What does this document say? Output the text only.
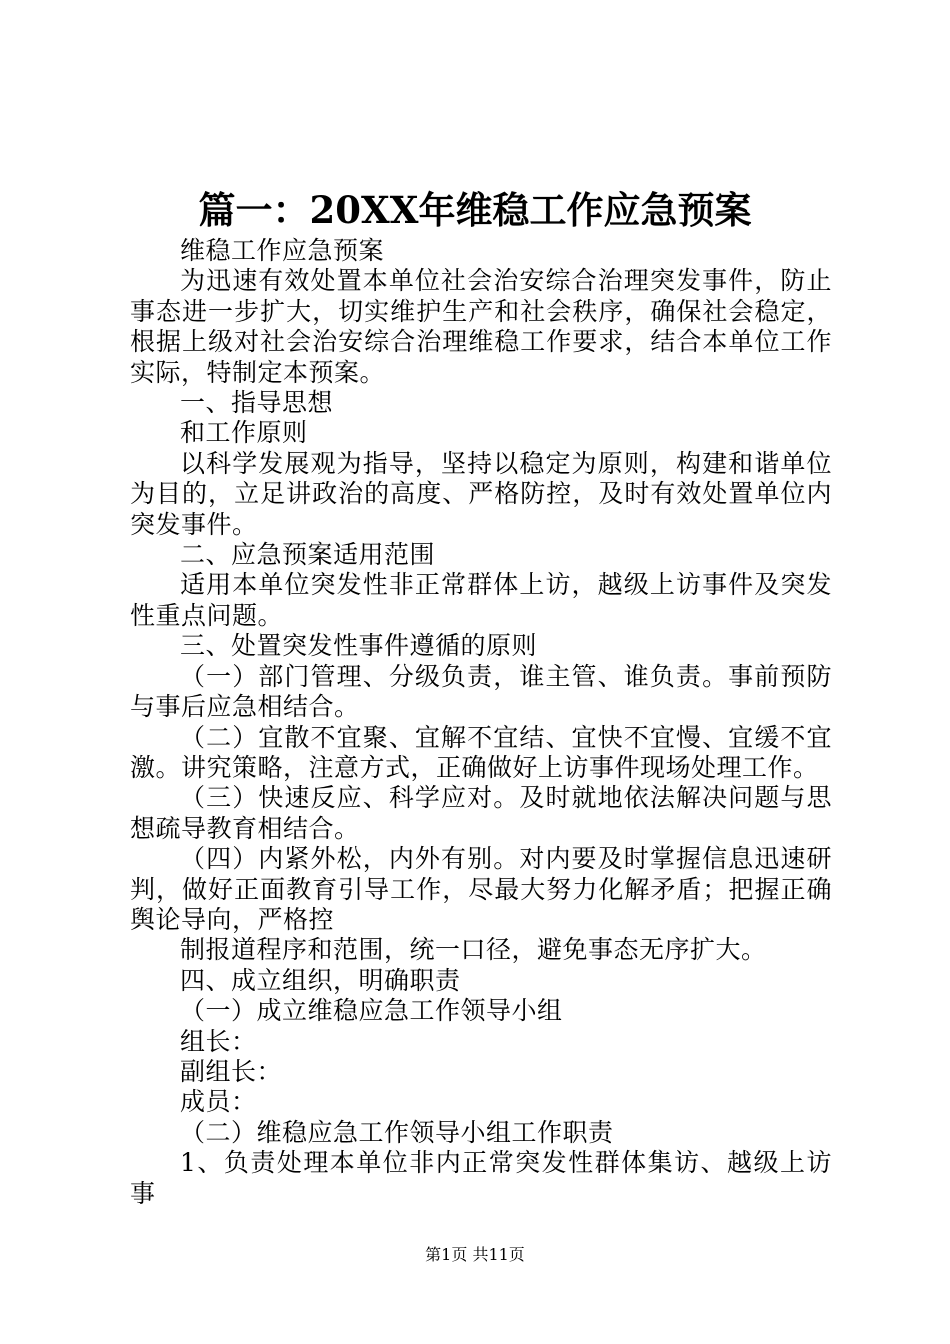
篇一：20XX年维稳工作应急预案

维稳工作应急预案

为迅速有效处置本单位社会治安综合治理突发事件，防止事态进一步扩大，切实维护生产和社会秩序，确保社会稳定，根据上级对社会治安综合治理维稳工作要求，结合本单位工作实际，特制定本预案。

一、指导思想

和工作原则

以科学发展观为指导，坚持以稳定为原则，构建和谐单位为目的，立足讲政治的高度、严格防控，及时有效处置单位内突发事件。

二、应急预案适用范围

适用本单位突发性非正常群体上访，越级上访事件及突发性重点问题。

三、处置突发性事件遵循的原则

（一）部门管理、分级负责，谁主管、谁负责。事前预防与事后应急相结合。

（二）宜散不宜聚、宜解不宜结、宜快不宜慢、宜缓不宜激。讲究策略，注意方式，正确做好上访事件现场处理工作。

（三）快速反应、科学应对。及时就地依法解决问题与思想疏导教育相结合。

（四）内紧外松，内外有别。对内要及时掌握信息迅速研判，做好正面教育引导工作，尽最大努力化解矛盾；把握正确舆论导向，严格控

制报道程序和范围，统一口径，避免事态无序扩大。

四、成立组织，明确职责

（一）成立维稳应急工作领导小组

组长：

副组长：

成员：

（二）维稳应急工作领导小组工作职责

1、负责处理本单位非内正常突发性群体集访、越级上访事

第1页 共11页
